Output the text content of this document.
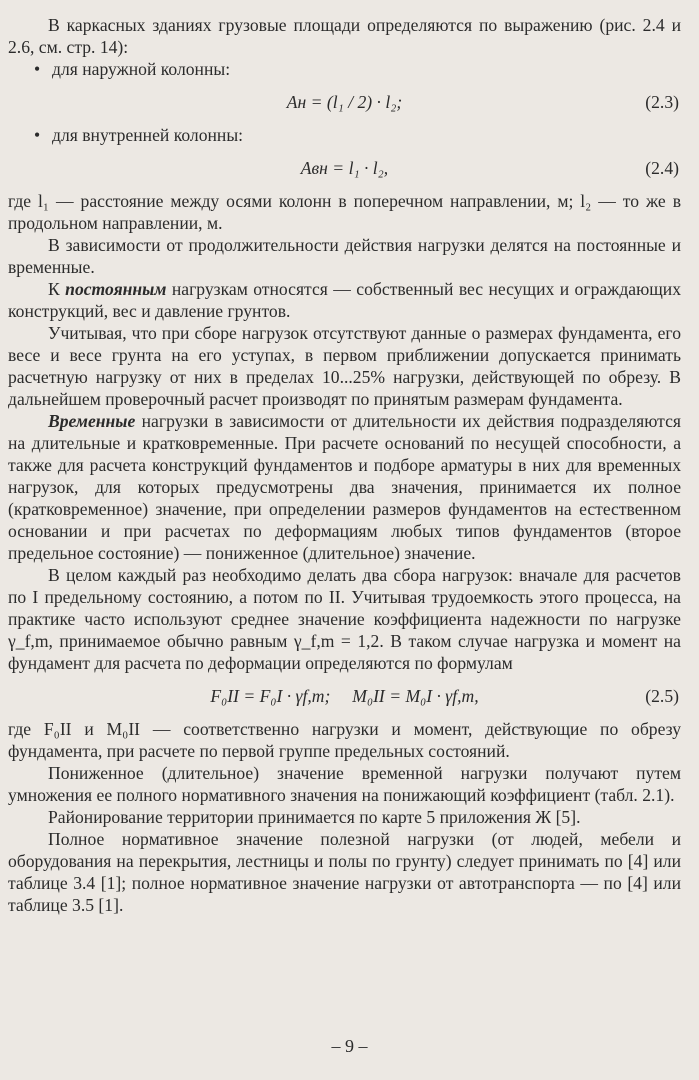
В каркасных зданиях грузовые площади определяются по выражению (рис. 2.4 и 2.6, см. стр. 14):

• для наружной колонны:

Aн = (l₁ / 2) · l₂;	(2.3)

• для внутренней колонны:

Aвн = l₁ · l₂,	(2.4)

где l₁ — расстояние между осями колонн в поперечном направлении, м; l₂ — то же в продольном направлении, м.

В зависимости от продолжительности действия нагрузки делятся на постоянные и временные.

К постоянным нагрузкам относятся — собственный вес несущих и ограждающих конструкций, вес и давление грунтов.

Учитывая, что при сборе нагрузок отсутствуют данные о размерах фундамента, его весе и весе грунта на его уступах, в первом приближении допускается принимать расчетную нагрузку от них в пределах 10...25% нагрузки, действующей по обрезу. В дальнейшем проверочный расчет производят по принятым размерам фундамента.

Временные нагрузки в зависимости от длительности их действия подразделяются на длительные и кратковременные. При расчете оснований по несущей способности, а также для расчета конструкций фундаментов и подборе арматуры в них для временных нагрузок, для которых предусмотрены два значения, принимается их полное (кратковременное) значение, при определении размеров фундаментов на естественном основании и при расчетах по деформациям любых типов фундаментов (второе предельное состояние) — пониженное (длительное) значение.

В целом каждый раз необходимо делать два сбора нагрузок: вначале для расчетов по I предельному состоянию, а потом по II. Учитывая трудоемкость этого процесса, на практике часто используют среднее значение коэффициента надежности по нагрузке γ_f,m, принимаемое обычно равным γ_f,m = 1,2. В таком случае нагрузка и момент на фундамент для расчета по деформации определяются по формулам

F₀II = F₀I · γf,m;     M₀II = M₀I · γf,m,	(2.5)

где F₀II и M₀II — соответственно нагрузки и момент, действующие по обрезу фундамента, при расчете по первой группе предельных состояний.

Пониженное (длительное) значение временной нагрузки получают путем умножения ее полного нормативного значения на понижающий коэффициент (табл. 2.1).

Районирование территории принимается по карте 5 приложения Ж [5].

Полное нормативное значение полезной нагрузки (от людей, мебели и оборудования на перекрытия, лестницы и полы по грунту) следует принимать по [4] или таблице 3.4 [1]; полное нормативное значение нагрузки от автотранспорта — по [4] или таблице 3.5 [1].

– 9 –
